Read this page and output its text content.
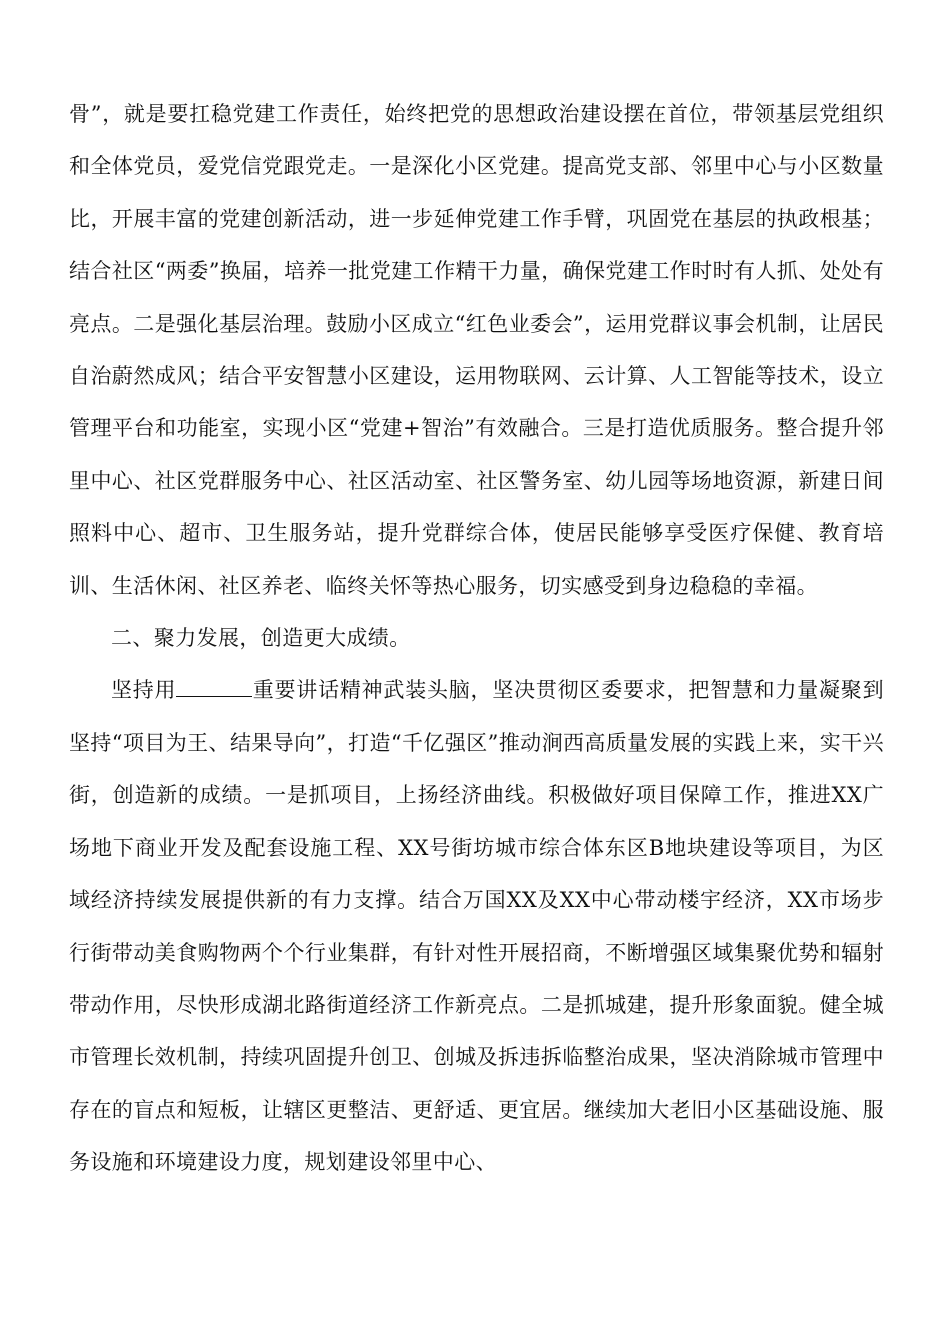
骨”，就是要扛稳党建工作责任，始终把党的思想政治建设摆在首位，带领基层党组织和全体党员，爱党信党跟党走。一是深化小区党建。提高党支部、邻里中心与小区数量比，开展丰富的党建创新活动，进一步延伸党建工作手臂，巩固党在基层的执政根基；结合社区“两委”换届，培养一批党建工作精干力量，确保党建工作时时有人抓、处处有亮点。二是强化基层治理。鼓励小区成立“红色业委会”，运用党群议事会机制，让居民自治蔚然成风；结合平安智慧小区建设，运用物联网、云计算、人工智能等技术，设立管理平台和功能室，实现小区“党建+智治”有效融合。三是打造优质服务。整合提升邻里中心、社区党群服务中心、社区活动室、社区警务室、幼儿园等场地资源，新建日间照料中心、超市、卫生服务站，提升党群综合体，使居民能够享受医疗保健、教育培训、生活休闲、社区养老、临终关怀等热心服务，切实感受到身边稳稳的幸福。

二、聚力发展，创造更大成绩。

坚持用	重要讲话精神武装头脑，坚决贯彻区委要求，把智慧和力量凝聚到坚持“项目为王、结果导向”，打造“千亿强区”推动涧西高质量发展的实践上来，实干兴街，创造新的成绩。一是抓项目，上扬经济曲线。积极做好项目保障工作，推进XX广场地下商业开发及配套设施工程、XX号街坊城市综合体东区B地块建设等项目，为区域经济持续发展提供新的有力支撑。结合万国XX及XX中心带动楼宇经济，XX市场步行街带动美食购物两个个行业集群，有针对性开展招商，不断增强区域集聚优势和辐射带动作用，尽快形成湖北路街道经济工作新亮点。二是抓城建，提升形象面貌。健全城市管理长效机制，持续巩固提升创卫、创城及拆违拆临整治成果，坚决消除城市管理中存在的盲点和短板，让辖区更整洁、更舒适、更宜居。继续加大老旧小区基础设施、服务设施和环境建设力度，规划建设邻里中心、
